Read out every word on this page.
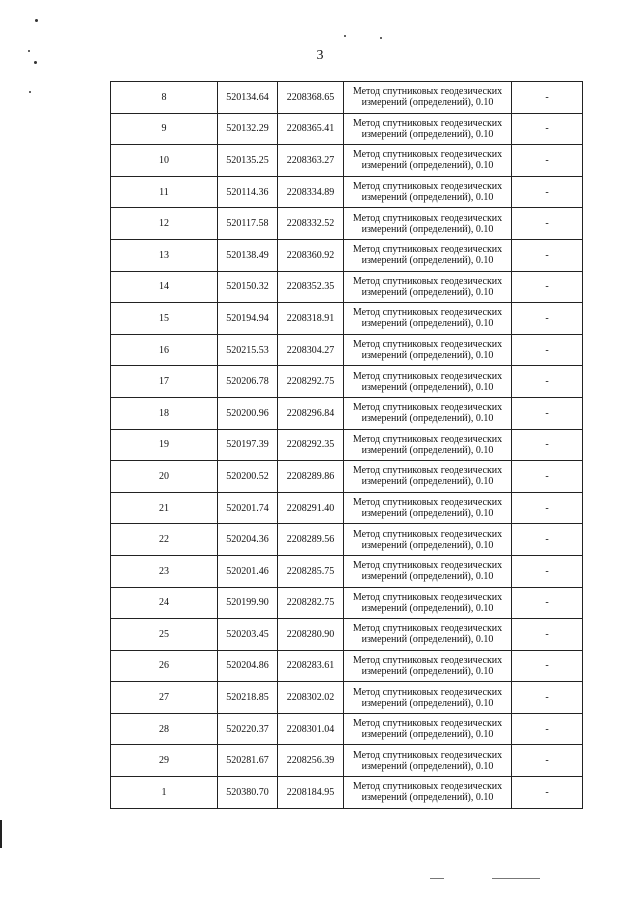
3
8	520134.64	2208368.65	Метод спутниковых геодезических
измерений (определений), 0.10	-
9	520132.29	2208365.41	Метод спутниковых геодезических
измерений (определений), 0.10	-
10	520135.25	2208363.27	Метод спутниковых геодезических
измерений (определений), 0.10	-
11	520114.36	2208334.89	Метод спутниковых геодезических
измерений (определений), 0.10	-
12	520117.58	2208332.52	Метод спутниковых геодезических
измерений (определений), 0.10	-
13	520138.49	2208360.92	Метод спутниковых геодезических
измерений (определений), 0.10	-
14	520150.32	2208352.35	Метод спутниковых геодезических
измерений (определений), 0.10	-
15	520194.94	2208318.91	Метод спутниковых геодезических
измерений (определений), 0.10	-
16	520215.53	2208304.27	Метод спутниковых геодезических
измерений (определений), 0.10	-
17	520206.78	2208292.75	Метод спутниковых геодезических
измерений (определений), 0.10	-
18	520200.96	2208296.84	Метод спутниковых геодезических
измерений (определений), 0.10	-
19	520197.39	2208292.35	Метод спутниковых геодезических
измерений (определений), 0.10	-
20	520200.52	2208289.86	Метод спутниковых геодезических
измерений (определений), 0.10	-
21	520201.74	2208291.40	Метод спутниковых геодезических
измерений (определений), 0.10	-
22	520204.36	2208289.56	Метод спутниковых геодезических
измерений (определений), 0.10	-
23	520201.46	2208285.75	Метод спутниковых геодезических
измерений (определений), 0.10	-
24	520199.90	2208282.75	Метод спутниковых геодезических
измерений (определений), 0.10	-
25	520203.45	2208280.90	Метод спутниковых геодезических
измерений (определений), 0.10	-
26	520204.86	2208283.61	Метод спутниковых геодезических
измерений (определений), 0.10	-
27	520218.85	2208302.02	Метод спутниковых геодезических
измерений (определений), 0.10	-
28	520220.37	2208301.04	Метод спутниковых геодезических
измерений (определений), 0.10	-
29	520281.67	2208256.39	Метод спутниковых геодезических
измерений (определений), 0.10	-
1	520380.70	2208184.95	Метод спутниковых геодезических
измерений (определений), 0.10	-
